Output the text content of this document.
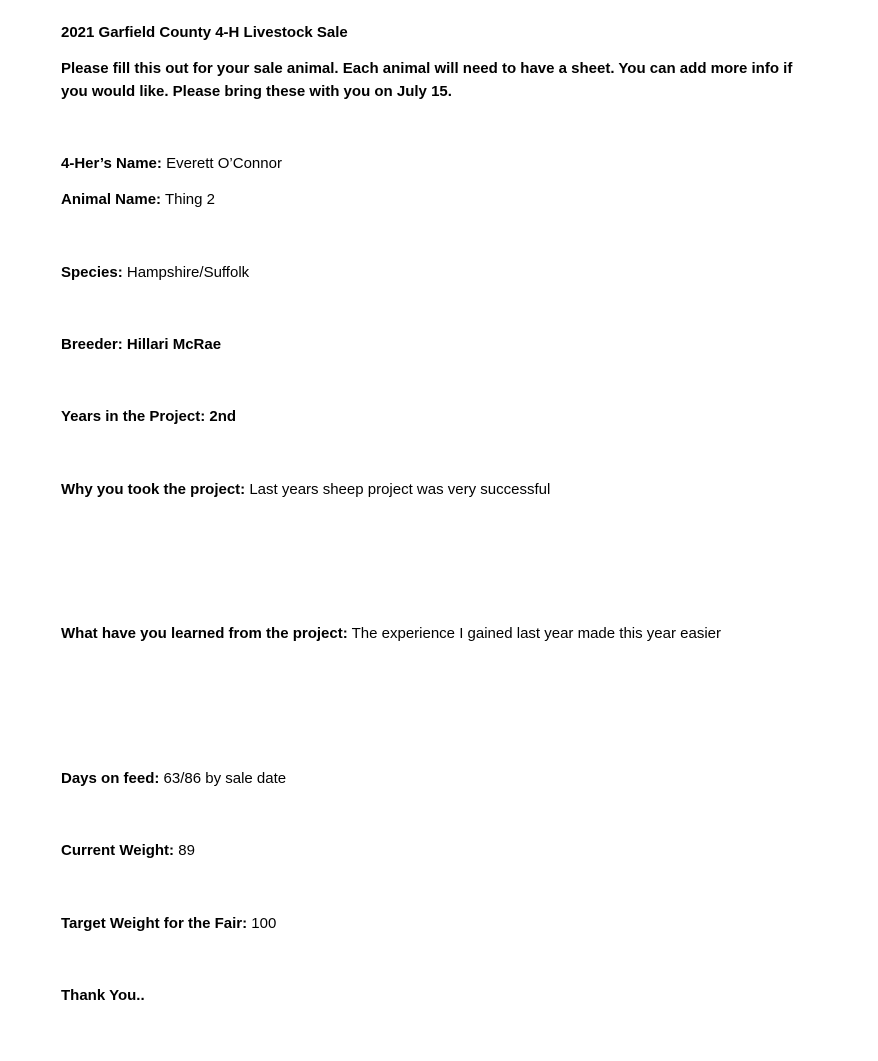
2021 Garfield County 4-H Livestock Sale
Please fill this out for your sale animal. Each animal will need to have a sheet. You can add more info if you would like. Please bring these with you on July 15.
4-Her’s Name: Everett O’Connor
Animal Name: Thing 2
Species: Hampshire/Suffolk
Breeder: Hillari McRae
Years in the Project: 2nd
Why you took the project: Last years sheep project was very successful
What have you learned from the project: The experience I gained last year made this year easier
Days on feed: 63/86 by sale date
Current Weight: 89
Target Weight for the Fair: 100
Thank You..
